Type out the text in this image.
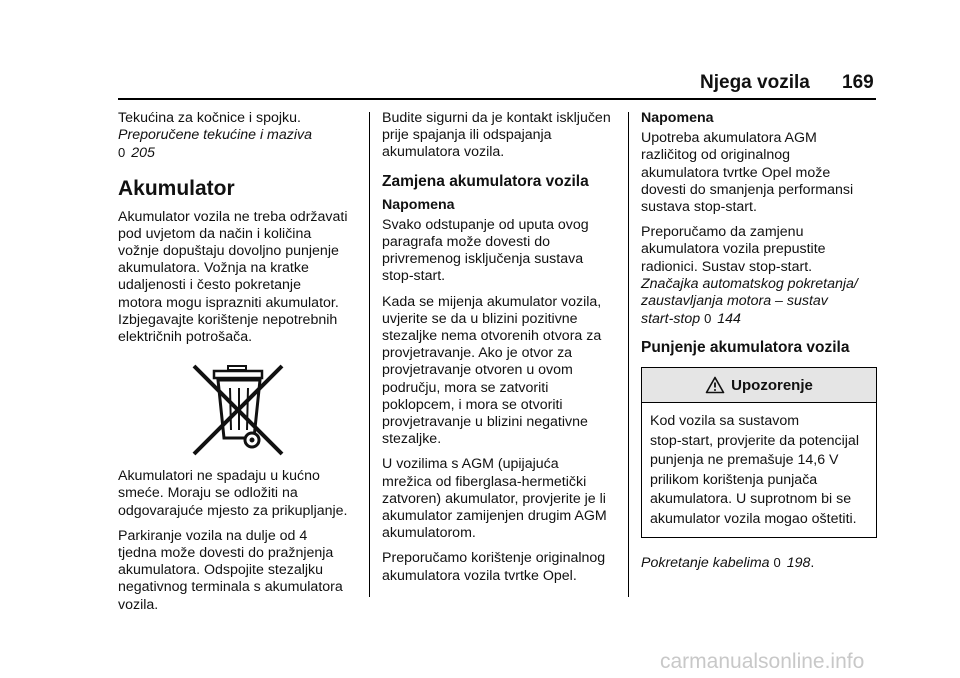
Njega vozila 169

Tekućina za kočnice i spojku.
Preporučene tekućine i maziva
0 205

Akumulator

Akumulator vozila ne treba održavati
pod uvjetom da način i količina
vožnje dopuštaju dovoljno punjenje
akumulatora. Vožnja na kratke
udaljenosti i često pokretanje
motora mogu isprazniti akumulator.
Izbjegavajte korištenje nepotrebnih
električnih potrošača.

Akumulatori ne spadaju u kućno
smeće. Moraju se odložiti na
odgovarajuće mjesto za prikupljanje.

Parkiranje vozila na dulje od 4
tjedna može dovesti do pražnjenja
akumulatora. Odspojite stezaljku
negativnog terminala s akumulatora
vozila.

Budite sigurni da je kontakt isključen
prije spajanja ili odspajanja
akumulatora vozila.

Zamjena akumulatora vozila
Napomena

Svako odstupanje od uputa ovog
paragrafa može dovesti do
privremenog isključenja sustava
stop-start.

Kada se mijenja akumulator vozila,
uvjerite se da u blizini pozitivne
stezaljke nema otvorenih otvora za
provjetravanje. Ako je otvor za
provjetravanje otvoren u ovom
području, mora se zatvoriti
poklopcem, i mora se otvoriti
provjetravanje u blizini negativne
stezaljke.

U vozilima s AGM (upijajuća
mrežica od fiberglasa-hermetički
zatvoren) akumulator, provjerite je li
akumulator zamijenjen drugim AGM
akumulatorom.

Preporučamo korištenje originalnog
akumulatora vozila tvrtke Opel.

Napomena

Upotreba akumulatora AGM
različitog od originalnog
akumulatora tvrtke Opel može
dovesti do smanjenja performansi
sustava stop-start.

Preporučamo da zamjenu
akumulatora vozila prepustite
radionici. Sustav stop-start.
Značajka automatskog pokretanja/
zaustavljanja motora – sustav
start-stop 0 144

Punjenje akumulatora vozila
Upozorenje
Kod vozila sa sustavom
stop-start, provjerite da potencijal
punjenja ne premašuje 14,6 V
prilikom korištenja punjača
akumulatora. U suprotnom bi se
akumulator vozila mogao oštetiti.

Pokretanje kabelima 0 198.

carmanualsonline.info
